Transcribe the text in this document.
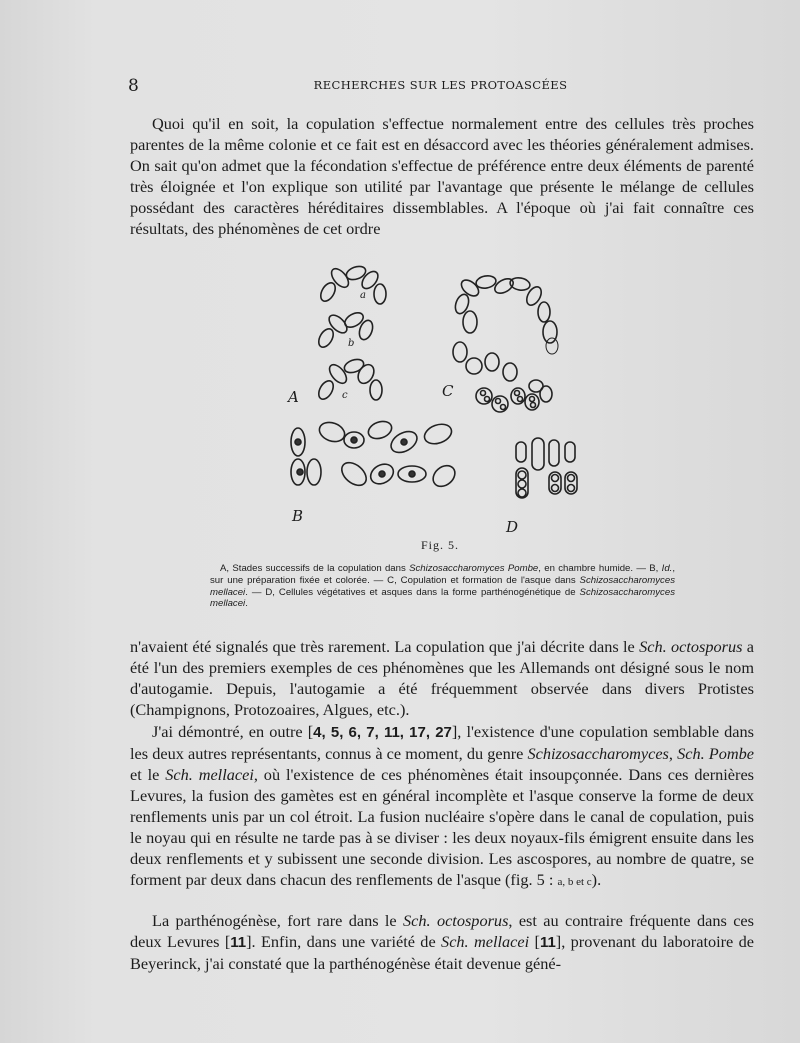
8	RECHERCHES SUR LES PROTOASCÉES

Quoi qu'il en soit, la copulation s'effectue normalement entre des cellules très proches parentes de la même colonie et ce fait est en désaccord avec les théories généralement admises. On sait qu'on admet que la fécondation s'effectue de préférence entre deux éléments de parenté très éloignée et l'on explique son utilité par l'avantage que présente le mélange de cellules possédant des caractères héréditaires dissemblables. A l'époque où j'ai fait connaître ces résultats, des phénomènes de cet ordre

A
B
C
D
a
b
c
Fig. 5.

A, Stades successifs de la copulation dans Schizosaccharomyces Pombe, en chambre humide. — B, Id., sur une préparation fixée et colorée. — C, Copulation et formation de l'asque dans Schizosaccharomyces mellacei. — D, Cellules végétatives et asques dans la forme parthénogénétique de Schizosaccharomyces mellacei.

n'avaient été signalés que très rarement. La copulation que j'ai décrite dans le Sch. octosporus a été l'un des premiers exemples de ces phénomènes que les Allemands ont désigné sous le nom d'autogamie. Depuis, l'autogamie a été fréquemment observée dans divers Protistes (Champignons, Protozoaires, Algues, etc.).

J'ai démontré, en outre [4, 5, 6, 7, 11, 17, 27], l'existence d'une copulation semblable dans les deux autres représentants, connus à ce moment, du genre Schizosaccharomyces, Sch. Pombe et le Sch. mellacei, où l'existence de ces phénomènes était insoupçonnée. Dans ces dernières Levures, la fusion des gamètes est en général incomplète et l'asque conserve la forme de deux renflements unis par un col étroit. La fusion nucléaire s'opère dans le canal de copulation, puis le noyau qui en résulte ne tarde pas à se diviser : les deux noyaux-fils émigrent ensuite dans les deux renflements et y subissent une seconde division. Les ascospores, au nombre de quatre, se forment par deux dans chacun des renflements de l'asque (fig. 5 : a, b et c).

La parthénogénèse, fort rare dans le Sch. octosporus, est au contraire fréquente dans ces deux Levures [11]. Enfin, dans une variété de Sch. mellacei [11], provenant du laboratoire de Beyerinck, j'ai constaté que la parthénogénèse était devenue géné-
